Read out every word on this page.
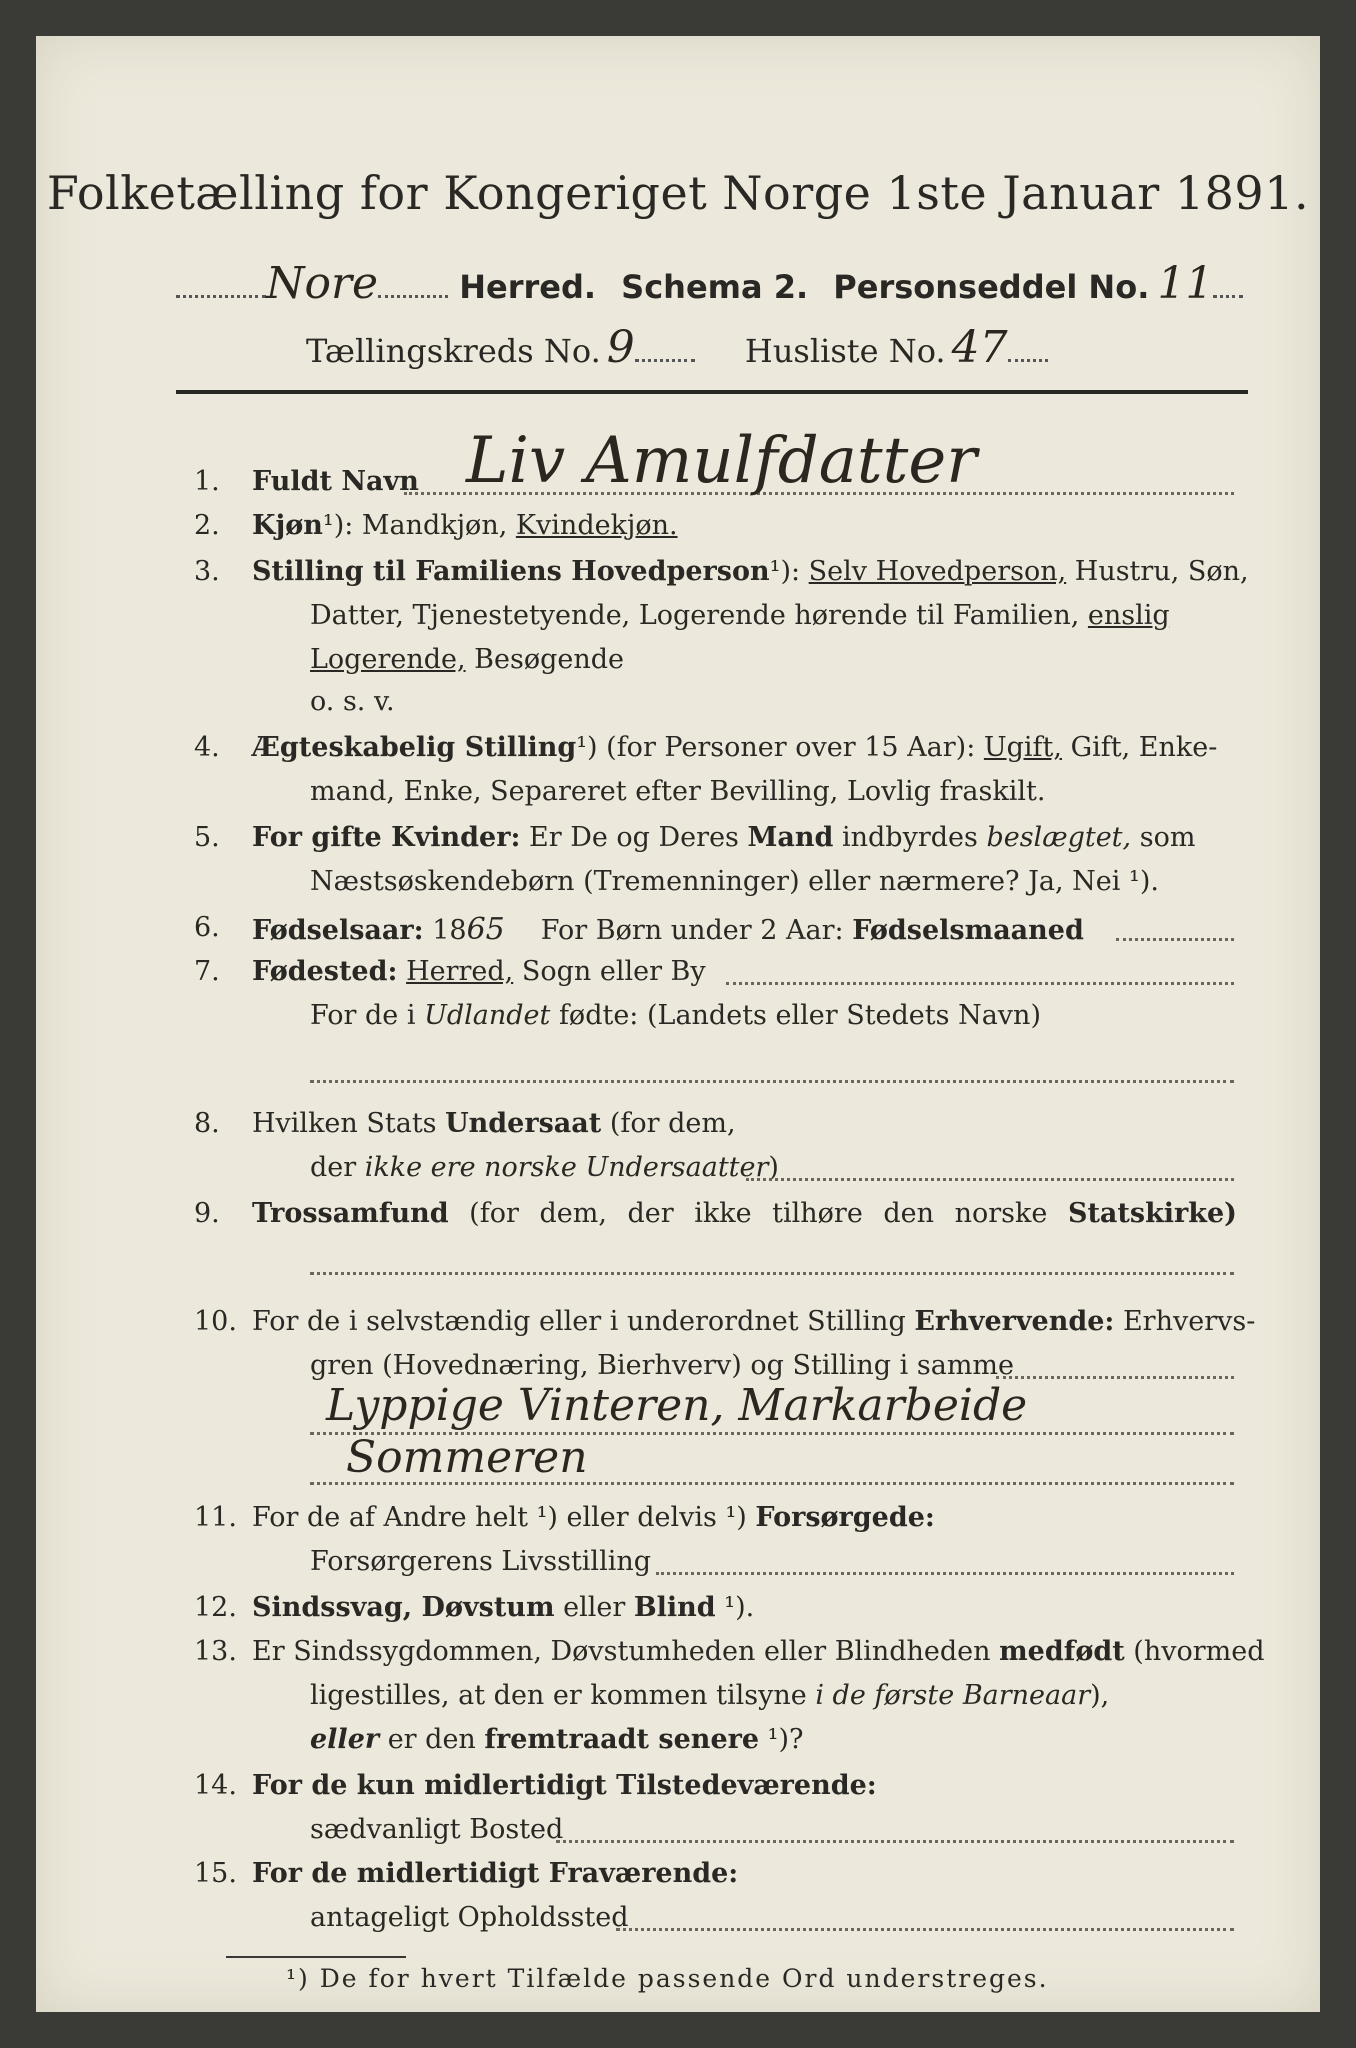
Folketælling for Kongeriget Norge 1ste Januar 1891.
Nore	Herred. Schema 2. Personseddel No. 11
Tællingskreds No. 9	Husliste No. 47
1.	Fuldt Navn Liv Amulfdatter
2.	Kjøn¹): Mandkjøn, Kvindekjøn.
3.	Stilling til Familiens Hovedperson¹): Selv Hovedperson, Hustru, Søn,
Datter, Tjenestetyende, Logerende hørende til Familien, enslig
Logerende, Besøgende
o. s. v.
4.	Ægteskabelig Stilling¹) (for Personer over 15 Aar): Ugift, Gift, Enke-
mand, Enke, Separeret efter Bevilling, Lovlig fraskilt.
5.	For gifte Kvinder: Er De og Deres Mand indbyrdes beslægtet, som
Næstsøskendebørn (Tremenninger) eller nærmere? Ja, Nei ¹).
6.	Fødselsaar: 1865 For Børn under 2 Aar: Fødselsmaaned
7.	Fødested: Herred, Sogn eller By
For de i Udlandet fødte: (Landets eller Stedets Navn)
8.	Hvilken Stats Undersaat (for dem,
der ikke ere norske Undersaatter)
9.	Trossamfund (for dem, der ikke tilhøre den norske Statskirke)
10. For de i selvstændig eller i underordnet Stilling Erhvervende: Erhvervs-
gren (Hovednæring, Bierhverv) og Stilling i samme
Lyppige Vinteren, Markarbeide
Sommeren
11. For de af Andre helt ¹) eller delvis ¹) Forsørgede:
Forsørgerens Livsstilling
12. Sindssvag, Døvstum eller Blind ¹).
13. Er Sindssygdommen, Døvstumheden eller Blindheden medfødt (hvormed
ligestilles, at den er kommen tilsyne i de første Barneaar),
eller er den fremtraadt senere ¹)?
14. For de kun midlertidigt Tilstedeværende:
sædvanligt Bosted
15. For de midlertidigt Fraværende:
antageligt Opholdssted
¹) De for hvert Tilfælde passende Ord understreges.
